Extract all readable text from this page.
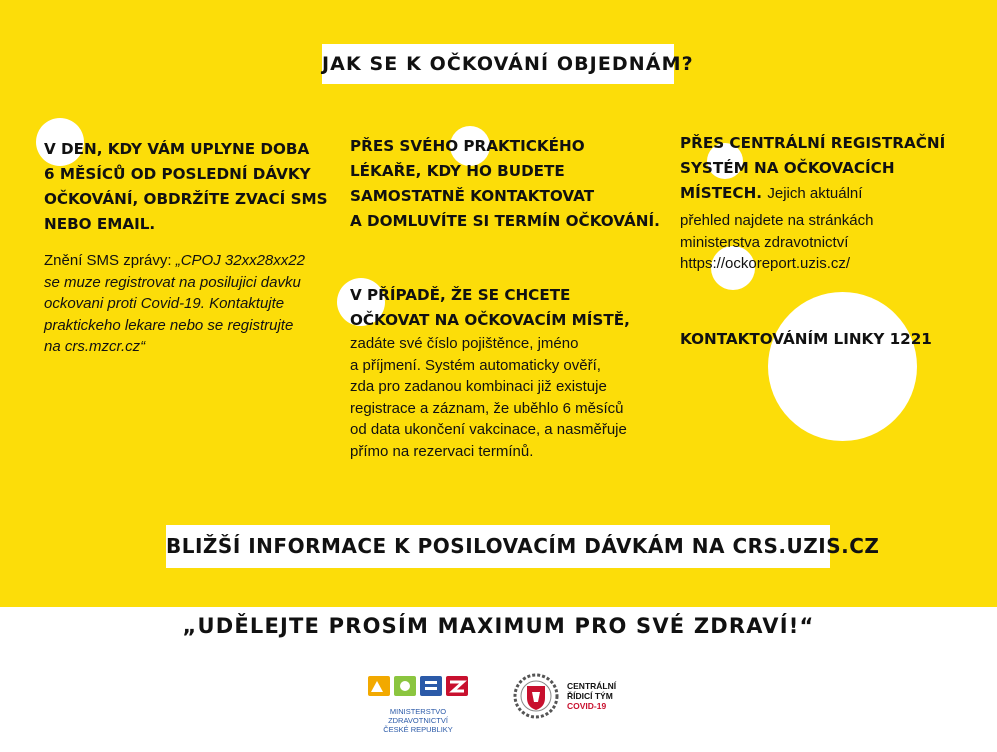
JAK SE K OČKOVÁNÍ OBJEDNÁM?
V DEN, KDY VÁM UPLYNE DOBA
6 MĚSÍCŮ OD POSLEDNÍ DÁVKY
OČKOVÁNÍ, OBDRŽÍTE ZVACÍ SMS
NEBO EMAIL.
Znění SMS zprávy: „CPOJ 32xx28xx22
se muze registrovat na posilujici davku
ockovani proti Covid-19. Kontaktujte
praktickeho lekare nebo se registrujte
na crs.mzcr.cz“
PŘES SVÉHO PRAKTICKÉHO
LÉKAŘE, KDY HO BUDETE
SAMOSTATNĚ KONTAKTOVAT
A DOMLUVÍTE SI TERMÍN OČKOVÁNÍ.
V PŘÍPADĚ, ŽE SE CHCETE
OČKOVAT NA OČKOVACÍM MÍSTĚ,
zadáte své číslo pojištěnce, jméno
a příjmení. Systém automaticky ověří,
zda pro zadanou kombinaci již existuje
registrace a záznam, že uběhlo 6 měsíců
od data ukončení vakcinace, a nasměřuje
přímo na rezervaci termínů.
PŘES CENTRÁLNÍ REGISTRAČNÍ
SYSTÉM NA OČKOVACÍCH
MÍSTECH. Jejich aktuální
přehled najdete na stránkách
ministerstva zdravotnictví
https://ockoreport.uzis.cz/
KONTAKTOVÁNÍM LINKY 1221
BLIŽŠÍ INFORMACE K POSILOVACÍM DÁVKÁM NA CRS.UZIS.CZ
„UDĚLEJTE PROSÍM MAXIMUM PRO SVÉ ZDRAVÍ!“
MINISTERSTVO ZDRAVOTNICTVÍ
ČESKÉ REPUBLIKY
CENTRÁLNÍ
ŘÍDICÍ TÝM
COVID-19
